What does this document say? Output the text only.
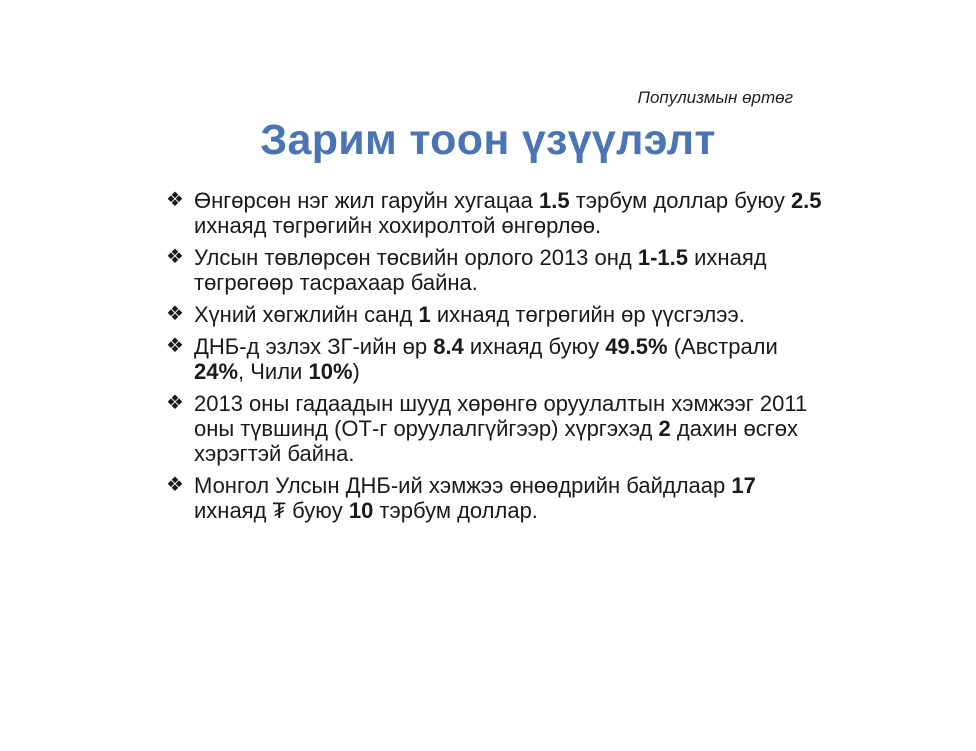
Популизмын өртөг
Зарим тоон үзүүлэлт
❖ Өнгөрсөн нэг жил гаруйн хугацаа 1.5 тэрбум доллар буюу 2.5 ихнаяд төгрөгийн хохиролтой өнгөрлөө.
❖ Улсын төвлөрсөн төсвийн орлого 2013 онд 1-1.5 ихнаяд төгрөгөөр тасрахаар байна.
❖ Хүний хөгжлийн санд 1 ихнаяд төгрөгийн өр үүсгэлээ.
❖ ДНБ-д эзлэх ЗГ-ийн өр 8.4 ихнаяд буюу 49.5% (Австрали 24%, Чили 10%)
❖ 2013 оны гадаадын шууд хөрөнгө оруулалтын хэмжээг 2011 оны түвшинд (ОТ-г оруулалгүйгээр) хүргэхэд 2 дахин өсгөх хэрэгтэй байна.
❖ Монгол Улсын ДНБ-ий хэмжээ өнөөдрийн байдлаар 17 ихнаяд ₮ буюу 10 тэрбум доллар.
